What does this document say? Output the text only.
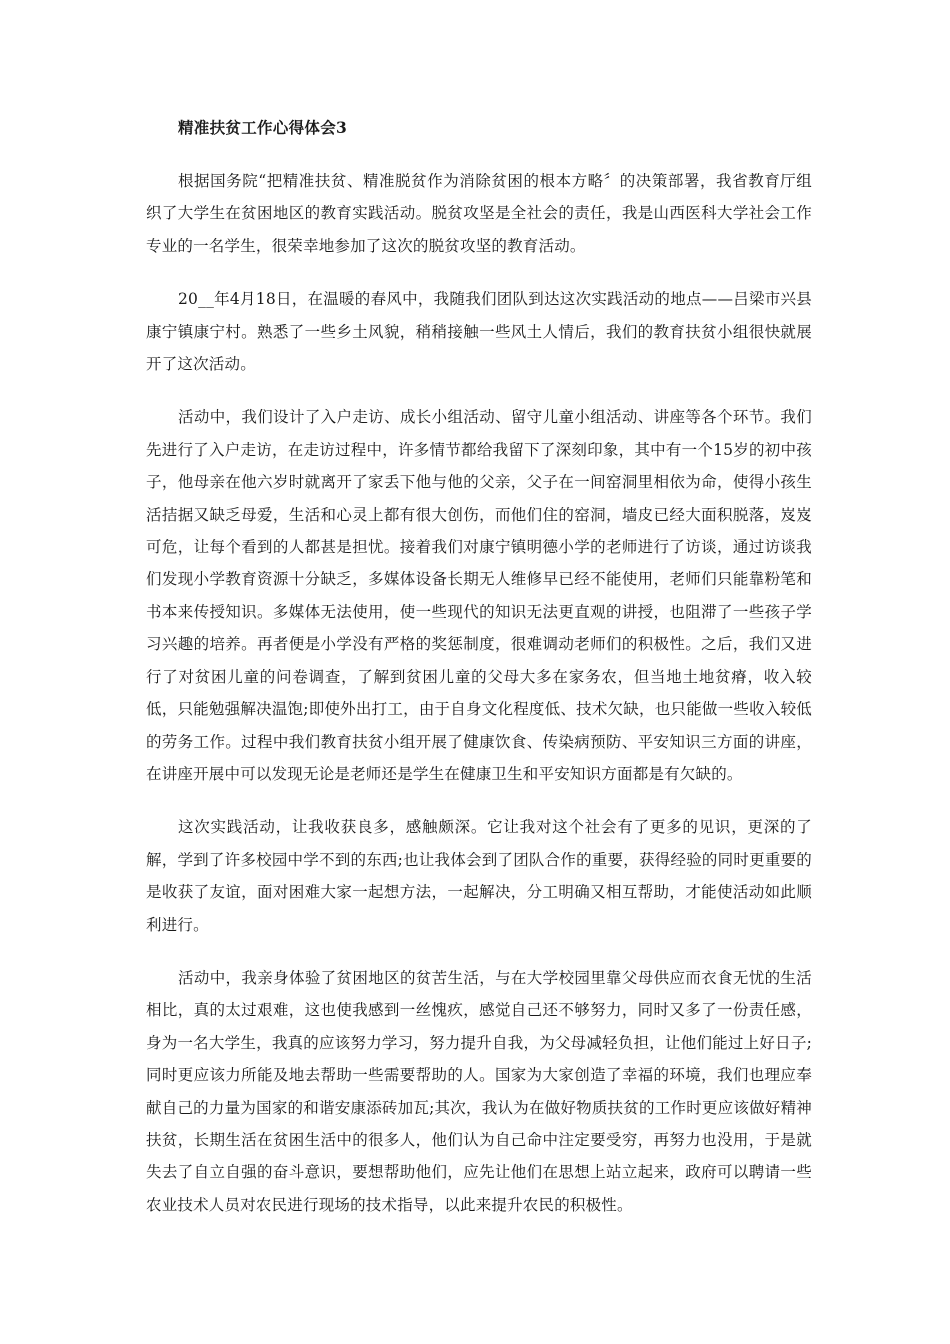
精准扶贫工作心得体会3

根据国务院“把精准扶贫、精准脱贫作为消除贫困的根本方略〞的决策部署，我省教育厅组织了大学生在贫困地区的教育实践活动。脱贫攻坚是全社会的责任，我是山西医科大学社会工作专业的一名学生，很荣幸地参加了这次的脱贫攻坚的教育活动。

20__年4月18日，在温暖的春风中，我随我们团队到达这次实践活动的地点——吕梁市兴县康宁镇康宁村。熟悉了一些乡土风貌，稍稍接触一些风土人情后，我们的教育扶贫小组很快就展开了这次活动。

活动中，我们设计了入户走访、成长小组活动、留守儿童小组活动、讲座等各个环节。我们先进行了入户走访，在走访过程中，许多情节都给我留下了深刻印象，其中有一个15岁的初中孩子，他母亲在他六岁时就离开了家丢下他与他的父亲，父子在一间窑洞里相依为命，使得小孩生活拮据又缺乏母爱，生活和心灵上都有很大创伤，而他们住的窑洞，墙皮已经大面积脱落，岌岌可危，让每个看到的人都甚是担忧。接着我们对康宁镇明德小学的老师进行了访谈，通过访谈我们发现小学教育资源十分缺乏，多媒体设备长期无人维修早已经不能使用，老师们只能靠粉笔和书本来传授知识。多媒体无法使用，使一些现代的知识无法更直观的讲授，也阻滞了一些孩子学习兴趣的培养。再者便是小学没有严格的奖惩制度，很难调动老师们的积极性。之后，我们又进行了对贫困儿童的问卷调查，了解到贫困儿童的父母大多在家务农，但当地土地贫瘠，收入较低，只能勉强解决温饱;即使外出打工，由于自身文化程度低、技术欠缺，也只能做一些收入较低的劳务工作。过程中我们教育扶贫小组开展了健康饮食、传染病预防、平安知识三方面的讲座，在讲座开展中可以发现无论是老师还是学生在健康卫生和平安知识方面都是有欠缺的。

这次实践活动，让我收获良多，感触颇深。它让我对这个社会有了更多的见识，更深的了解，学到了许多校园中学不到的东西;也让我体会到了团队合作的重要，获得经验的同时更重要的是收获了友谊，面对困难大家一起想方法，一起解决，分工明确又相互帮助，才能使活动如此顺利进行。

活动中，我亲身体验了贫困地区的贫苦生活，与在大学校园里靠父母供应而衣食无忧的生活相比，真的太过艰难，这也使我感到一丝愧疚，感觉自己还不够努力，同时又多了一份责任感，身为一名大学生，我真的应该努力学习，努力提升自我，为父母减轻负担，让他们能过上好日子;同时更应该力所能及地去帮助一些需要帮助的人。国家为大家创造了幸福的环境，我们也理应奉献自己的力量为国家的和谐安康添砖加瓦;其次，我认为在做好物质扶贫的工作时更应该做好精神扶贫，长期生活在贫困生活中的很多人，他们认为自己命中注定要受穷，再努力也没用，于是就失去了自立自强的奋斗意识，要想帮助他们，应先让他们在思想上站立起来，政府可以聘请一些农业技术人员对农民进行现场的技术指导，以此来提升农民的积极性。
